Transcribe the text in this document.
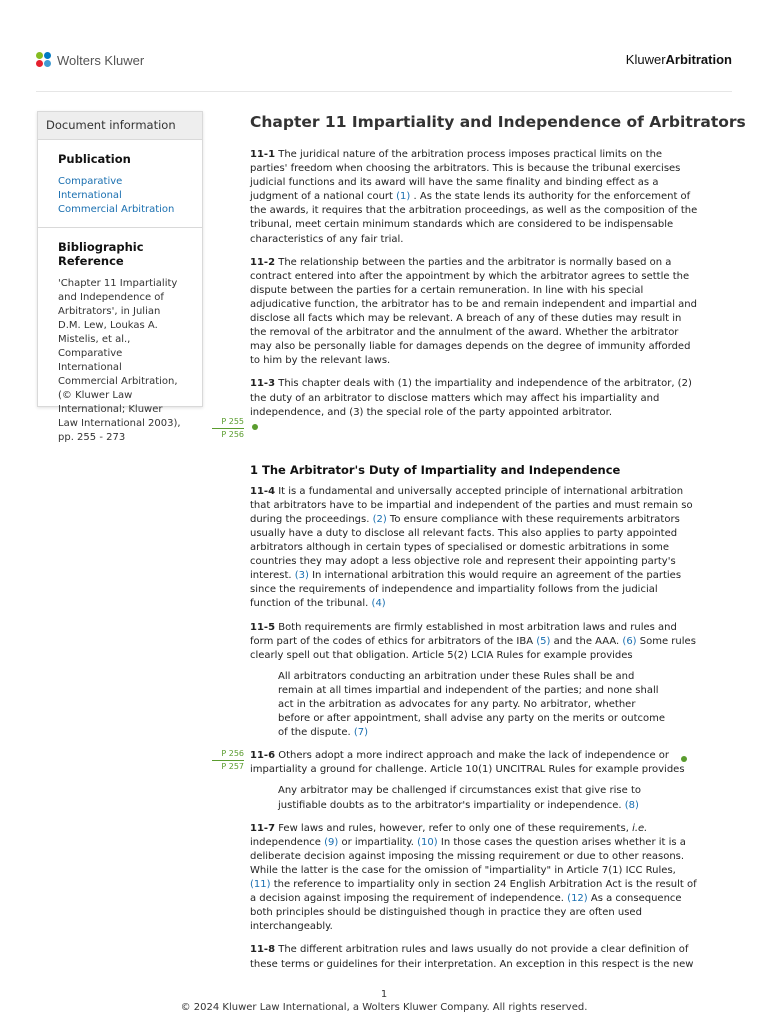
Wolters Kluwer	KluwerArbitration
Document information
Publication
Comparative International Commercial Arbitration
Bibliographic Reference
'Chapter 11 Impartiality and Independence of Arbitrators', in Julian D.M. Lew, Loukas A. Mistelis, et al., Comparative International Commercial Arbitration, (© Kluwer Law International; Kluwer Law International 2003), pp. 255 - 273
P 255
P 256
P 256
P 257
Chapter 11 Impartiality and Independence of Arbitrators
11-1 The juridical nature of the arbitration process imposes practical limits on the parties' freedom when choosing the arbitrators. This is because the tribunal exercises judicial functions and its award will have the same finality and binding effect as a judgment of a national court (1) . As the state lends its authority for the enforcement of the awards, it requires that the arbitration proceedings, as well as the composition of the tribunal, meet certain minimum standards which are considered to be indispensable characteristics of any fair trial.
11-2 The relationship between the parties and the arbitrator is normally based on a contract entered into after the appointment by which the arbitrator agrees to settle the dispute between the parties for a certain remuneration. In line with his special adjudicative function, the arbitrator has to be and remain independent and impartial and disclose all facts which may be relevant. A breach of any of these duties may result in the removal of the arbitrator and the annulment of the award. Whether the arbitrator may also be personally liable for damages depends on the degree of immunity afforded to him by the relevant laws.
11-3 This chapter deals with (1) the impartiality and independence of the arbitrator, (2) the duty of an arbitrator to disclose matters which may affect his impartiality and independence, and (3) the special role of the party appointed arbitrator.
1 The Arbitrator's Duty of Impartiality and Independence
11-4 It is a fundamental and universally accepted principle of international arbitration that arbitrators have to be impartial and independent of the parties and must remain so during the proceedings. (2) To ensure compliance with these requirements arbitrators usually have a duty to disclose all relevant facts. This also applies to party appointed arbitrators although in certain types of specialised or domestic arbitrations in some countries they may adopt a less objective role and represent their appointing party's interest. (3) In international arbitration this would require an agreement of the parties since the requirements of independence and impartiality follows from the judicial function of the tribunal. (4)
11-5 Both requirements are firmly established in most arbitration laws and rules and form part of the codes of ethics for arbitrators of the IBA (5) and the AAA. (6) Some rules clearly spell out that obligation. Article 5(2) LCIA Rules for example provides
All arbitrators conducting an arbitration under these Rules shall be and remain at all times impartial and independent of the parties; and none shall act in the arbitration as advocates for any party. No arbitrator, whether before or after appointment, shall advise any party on the merits or outcome of the dispute. (7)
11-6 Others adopt a more indirect approach and make the lack of independence or impartiality a ground for challenge. Article 10(1) UNCITRAL Rules for example provides
Any arbitrator may be challenged if circumstances exist that give rise to justifiable doubts as to the arbitrator's impartiality or independence. (8)
11-7 Few laws and rules, however, refer to only one of these requirements, i.e. independence (9) or impartiality. (10) In those cases the question arises whether it is a deliberate decision against imposing the missing requirement or due to other reasons. While the latter is the case for the omission of "impartiality" in Article 7(1) ICC Rules, (11) the reference to impartiality only in section 24 English Arbitration Act is the result of a decision against imposing the requirement of independence. (12) As a consequence both principles should be distinguished though in practice they are often used interchangeably.
11-8 The different arbitration rules and laws usually do not provide a clear definition of these terms or guidelines for their interpretation. An exception in this respect is the new
1
© 2024 Kluwer Law International, a Wolters Kluwer Company. All rights reserved.
